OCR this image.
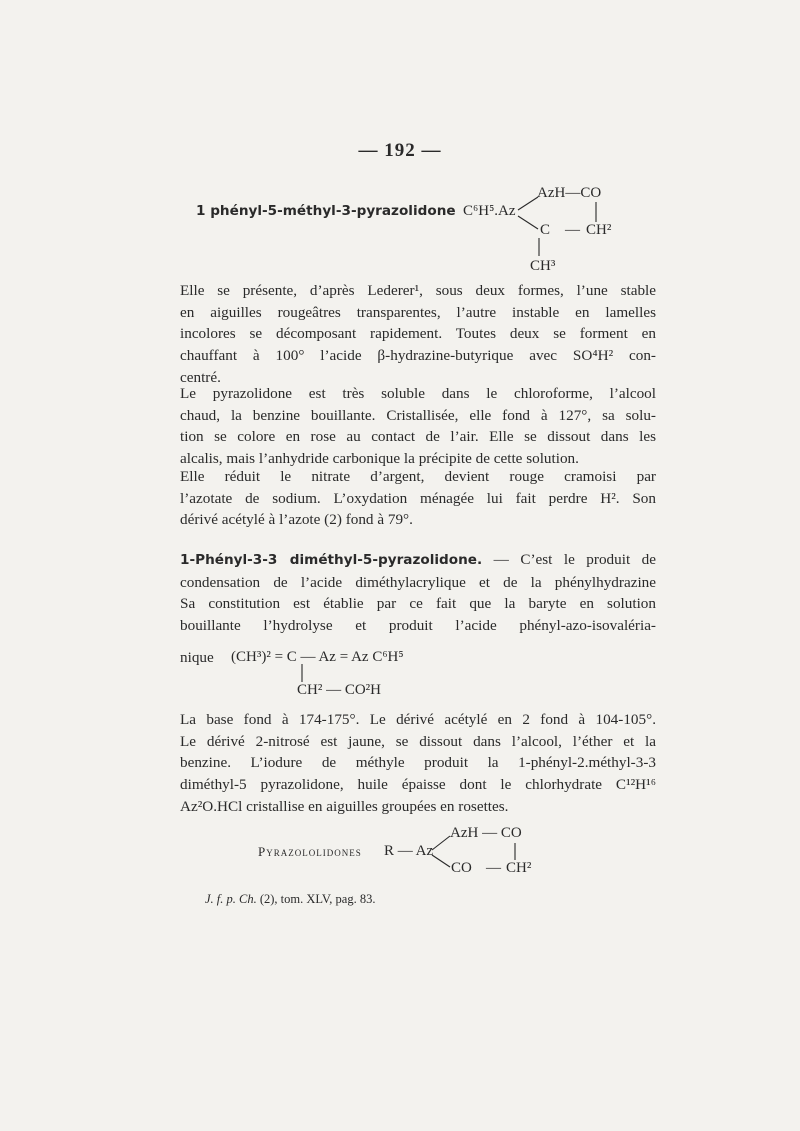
— 192 —
1 phényl-5-méthyl-3-pyrazolidone C⁶H⁵.Az
AzH—CO
C — CH²
CH³

Elle se présente, d’après Lederer¹, sous deux formes, l’une stable
en aiguilles rougeâtres transparentes, l’autre instable en lamelles
incolores se décomposant rapidement. Toutes deux se forment en
chauffant à 100° l’acide β-hydrazine-butyrique avec SO⁴H² con-
centré.

Le pyrazolidone est très soluble dans le chloroforme, l’alcool
chaud, la benzine bouillante. Cristallisée, elle fond à 127°, sa solu-
tion se colore en rose au contact de l’air. Elle se dissout dans les
alcalis, mais l’anhydride carbonique la précipite de cette solution.

Elle réduit le nitrate d’argent, devient rouge cramoisi par
l’azotate de sodium. L’oxydation ménagée lui fait perdre H². Son
dérivé acétylé à l’azote (2) fond à 79°.

1-Phényl-3-3 diméthyl-5-pyrazolidone. — C’est le produit de
condensation de l’acide diméthylacrylique et de la phénylhydrazine
Sa constitution est établie par ce fait que la baryte en solution
bouillante l’hydrolyse et produit l’acide phényl-azo-isovaléria-

nique (CH³)² = C — Az = Az C⁶H⁵
CH² — CO²H

La base fond à 174-175°. Le dérivé acétylé en 2 fond à 104-105°.
Le dérivé 2-nitrosé est jaune, se dissout dans l’alcool, l’éther et la
benzine. L’iodure de méthyle produit la 1-phényl-2.méthyl-3-3
diméthyl-5 pyrazolidone, huile épaisse dont le chlorhydrate C¹²H¹⁶
Az²O.HCl cristallise en aiguilles groupées en rosettes.

Pyrazololidones R — Az
AzH — CO
CO — CH²
J. f. p. Ch. (2), tom. XLV, pag. 83.
